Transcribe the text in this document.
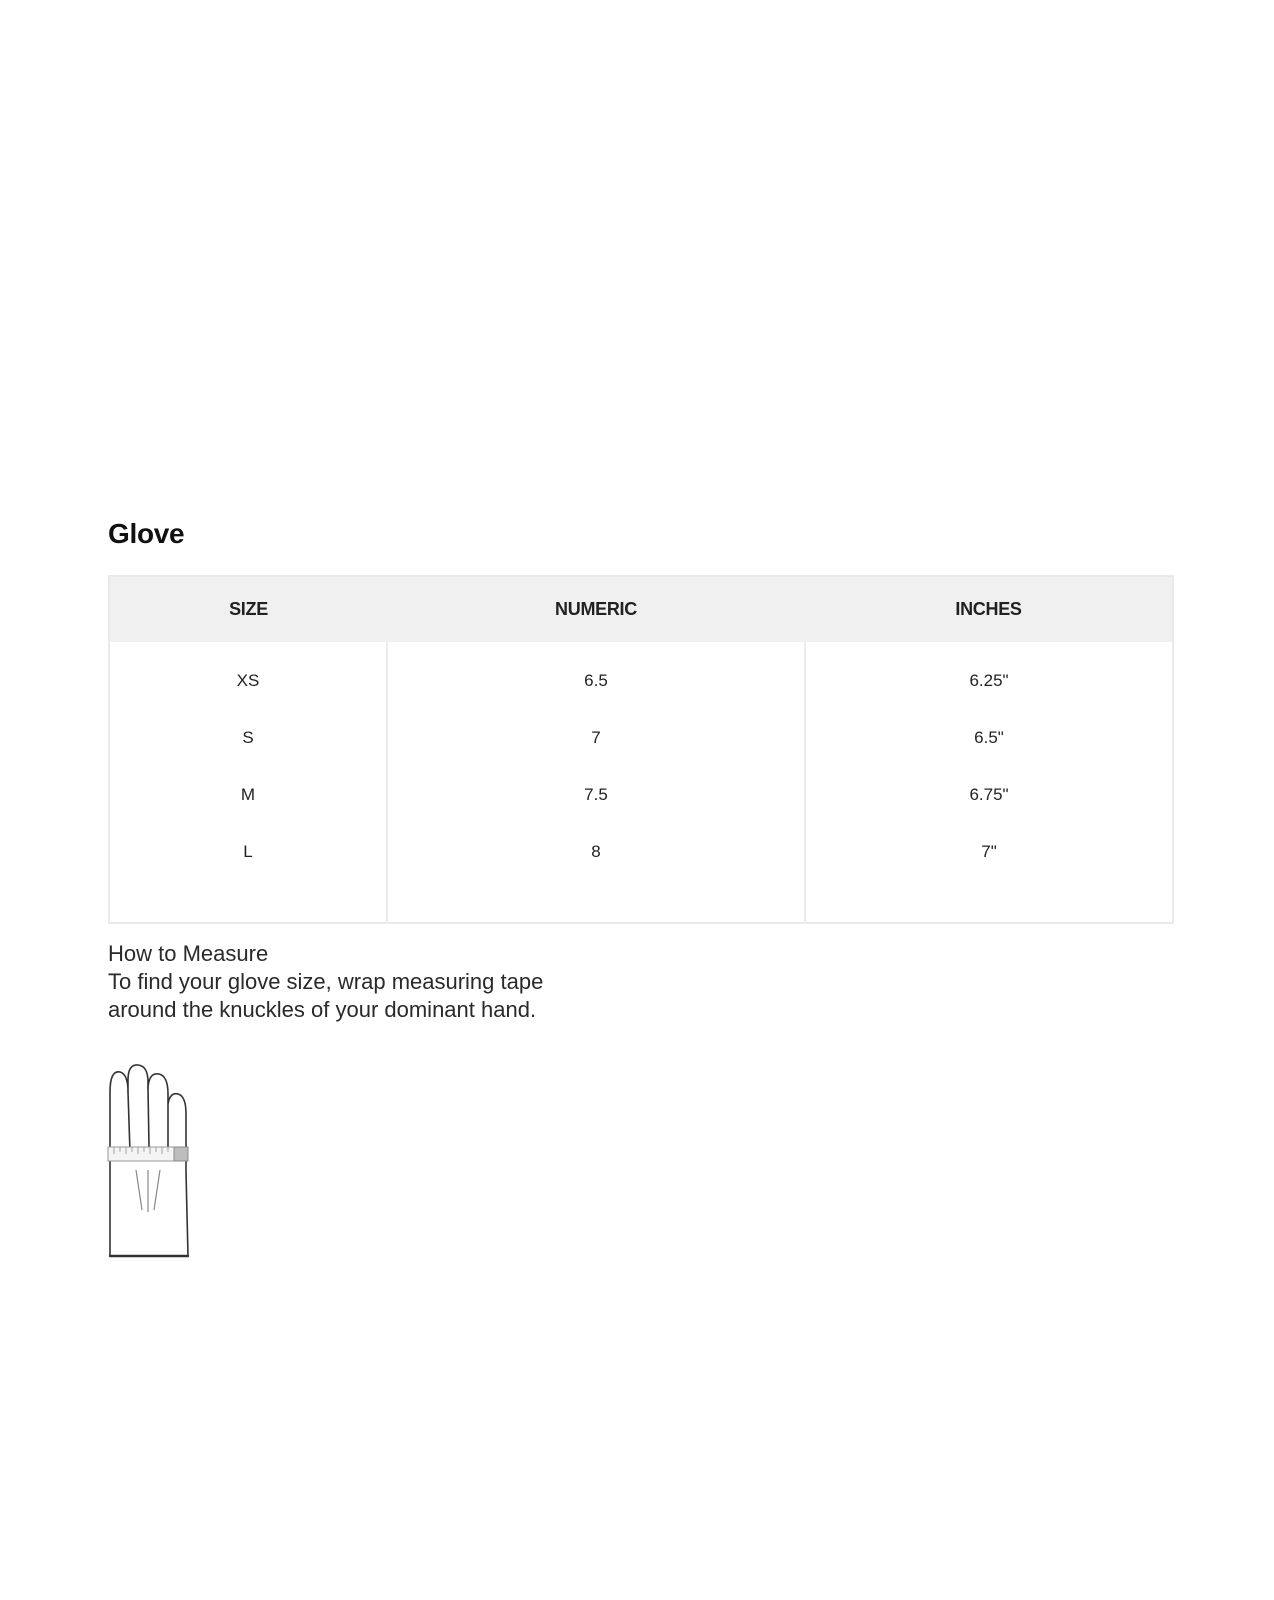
Glove
SIZE	NUMERIC	INCHES
XS	6.5	6.25"
S	7	6.5"
M	7.5	6.75"
L	8	7"

How to Measure

To find your glove size, wrap measuring tape

around the knuckles of your dominant hand.
